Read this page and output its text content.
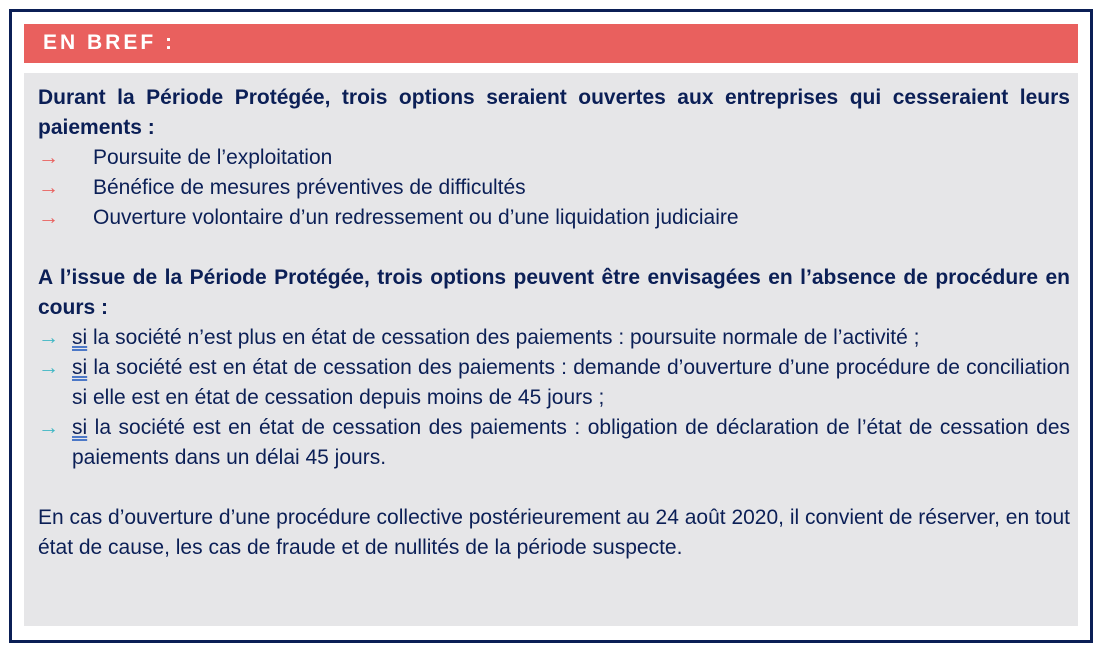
EN BREF :
Durant la Période Protégée, trois options seraient ouvertes aux entreprises qui cesseraient leurs paiements :
→	Poursuite de l’exploitation
→	Bénéfice de mesures préventives de difficultés
→	Ouverture volontaire d’un redressement ou d’une liquidation judiciaire
A l’issue de la Période Protégée, trois options peuvent être envisagées en l’absence de procédure en cours :
→ si la société n’est plus en état de cessation des paiements : poursuite normale de l’activité ;
→ si la société est en état de cessation des paiements : demande d’ouverture d’une procédure de conciliation si elle est en état de cessation depuis moins de 45 jours ;
→ si la société est en état de cessation des paiements : obligation de déclaration de l’état de cessation des paiements dans un délai 45 jours.
En cas d’ouverture d’une procédure collective postérieurement au 24 août 2020, il convient de réserver, en tout état de cause, les cas de fraude et de nullités de la période suspecte.
